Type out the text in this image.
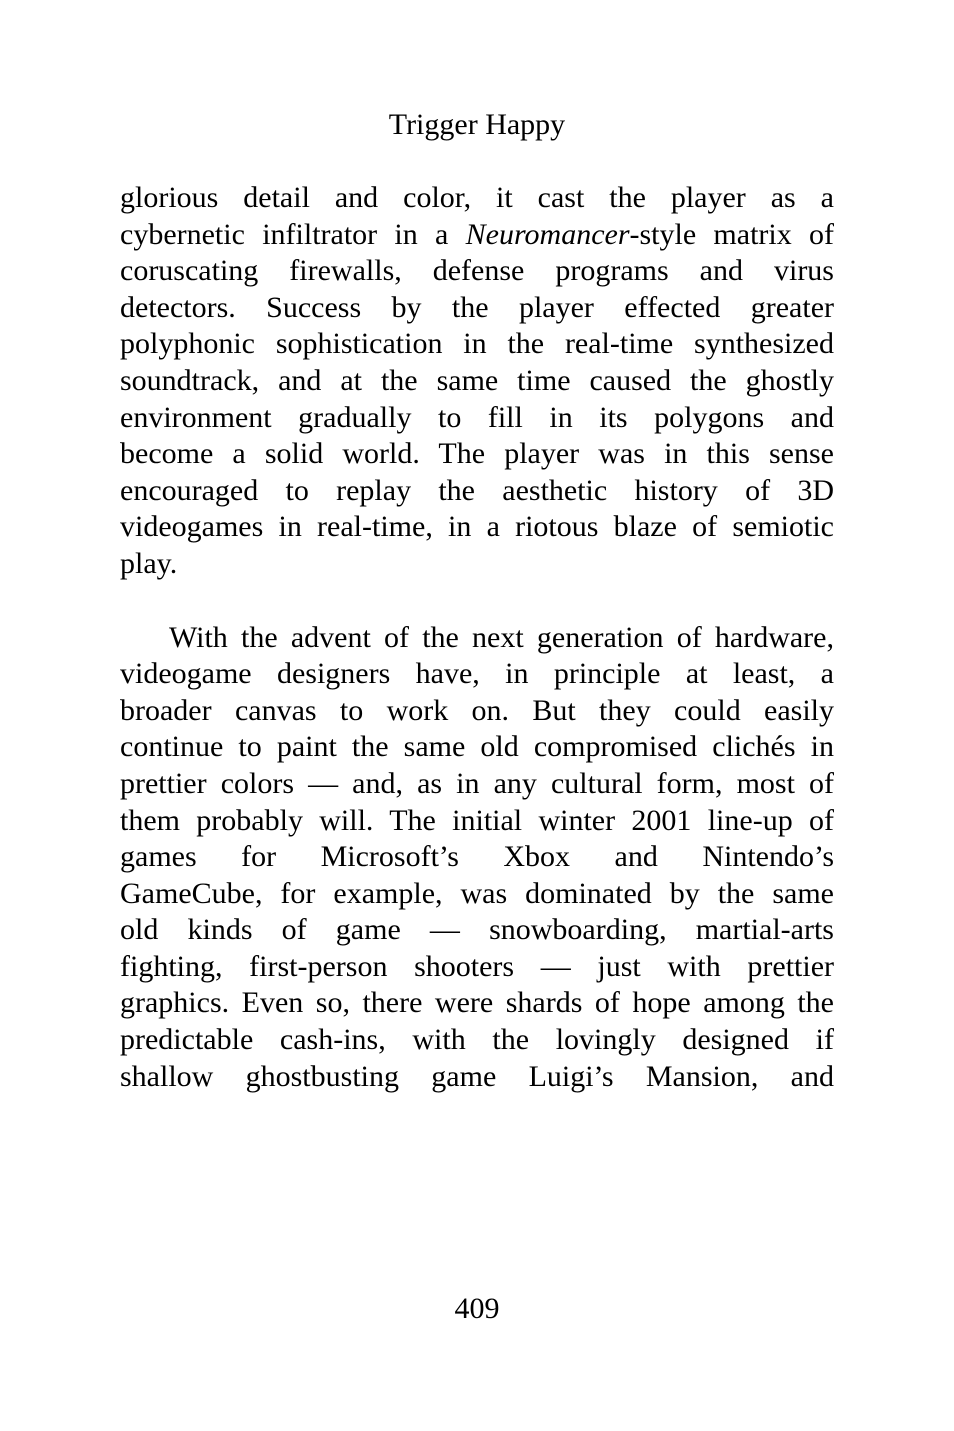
Trigger Happy

glorious detail and color, it cast the player as a
cybernetic infiltrator in a Neuromancer-style matrix of
coruscating firewalls, defense programs and virus
detectors. Success by the player effected greater
polyphonic sophistication in the real-time synthesized
soundtrack, and at the same time caused the ghostly
environment gradually to fill in its polygons and
become a solid world. The player was in this sense
encouraged to replay the aesthetic history of 3D
videogames in real-time, in a riotous blaze of semiotic
play.

With the advent of the next generation of hardware,
videogame designers have, in principle at least, a
broader canvas to work on. But they could easily
continue to paint the same old compromised clichés in
prettier colors — and, as in any cultural form, most of
them probably will. The initial winter 2001 line-up of
games for Microsoft’s Xbox and Nintendo’s
GameCube, for example, was dominated by the same
old kinds of game — snowboarding, martial-arts
fighting, first-person shooters — just with prettier
graphics. Even so, there were shards of hope among the
predictable cash-ins, with the lovingly designed if
shallow ghostbusting game Luigi’s Mansion, and

409
